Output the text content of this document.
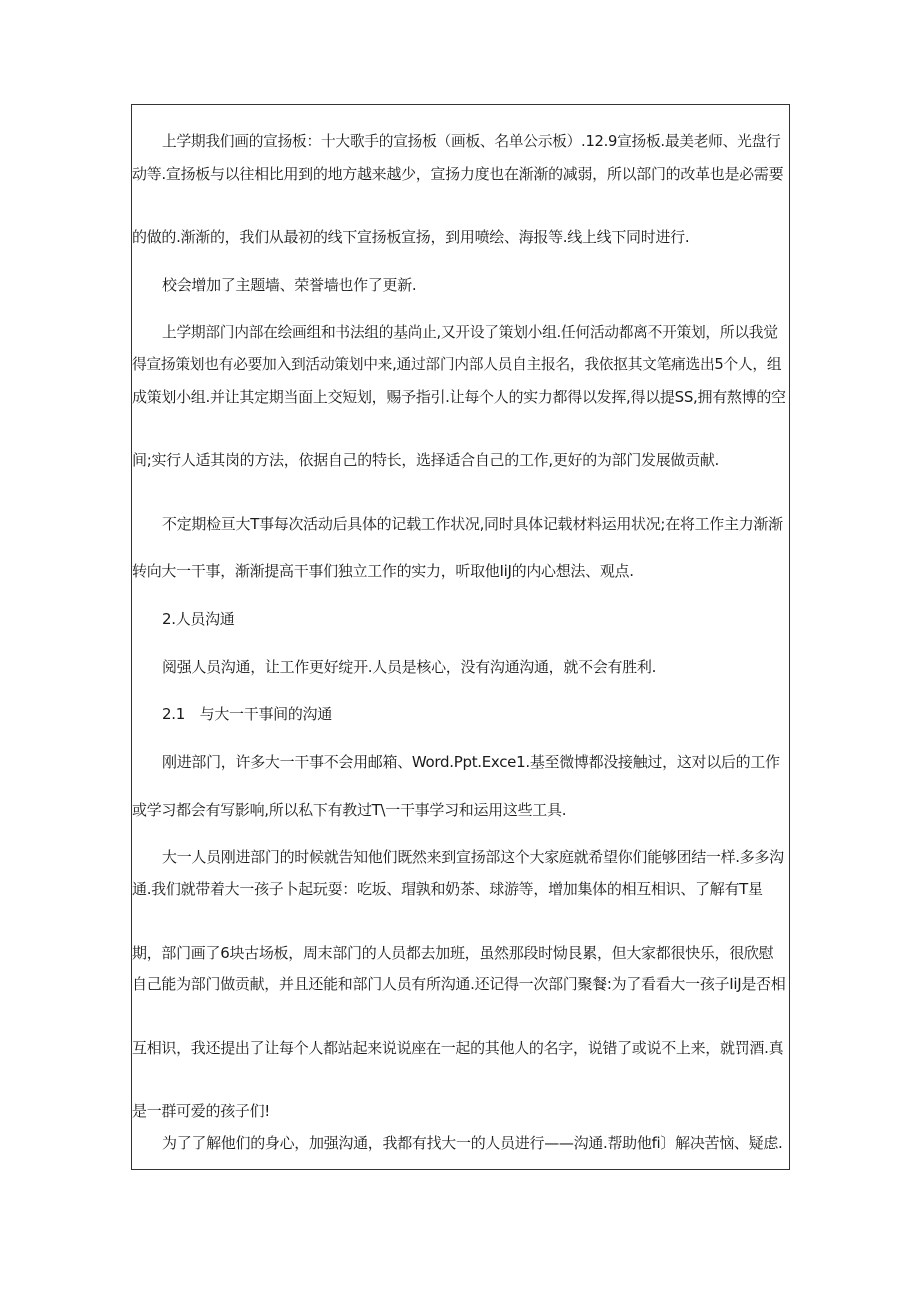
上学期我们画的宣扬板：十大歌手的宣扬板（画板、名单公示板）.12.9宣扬板.最美老师、光盘行
动等.宣扬板与以往相比用到的地方越来越少，宣扬力度也在渐渐的减弱，所以部门的改革也是必需要
的做的.渐渐的，我们从最初的线下宣扬板宣扬，到用喷绘、海报等.线上线下同时进行.
校会增加了主题墙、荣誉墙也作了更新.
上学期部门内部在绘画组和书法组的基尚止,又开设了策划小组.任何活动都离不开策划，所以我觉
得宣扬策划也有必要加入到活动策划中来,通过部门内部人员自主报名，我依抠其文笔痛选出5个人，组
成策划小组.并让其定期当面上交短划，赐予指引.让每个人的实力都得以发挥,得以提SS,拥有熬博的空
间;实行人适其岗的方法，依据自己的特长，选择适合自己的工作,更好的为部门发展做贡献.
不定期检亘大T事每次活动后具体的记载工作状况,同时具体记载材料运用状况;在将工作主力渐渐
转向大一干事，渐渐提高干事们独立工作的实力，听取他IiJ的内心想法、观点.
2.人员沟通
阅强人员沟通，让工作更好绽开.人员是核心，没有沟通沟通，就不会有胜利.
2.1　与大一干事间的沟通
刚进部门，许多大一干事不会用邮箱、Word.Ppt.Exce1.基至微博都没接触过，这对以后的工作
或学习都会有写影响,所以私下有教过T\一干事学习和运用这些工具.
大一人员刚进部门的时候就告知他们既然来到宣扬部这个大家庭就希望你们能够团结一样.多多沟
通.我们就带着大一孩子卜起玩耍：吃坂、瑁孰和奶茶、球游等，增加集体的相互相识、了解有T星
期，部门画了6块古场板，周末部门的人员都去加班，虽然那段时恸艮累，但大家都很快乐，很欣慰
自己能为部门做贡献，并且还能和部门人员有所沟通.还记得一次部门聚餐:为了看看大一孩子IiJ是否相
互相识，我还提出了让每个人都站起来说说座在一起的其他人的名字，说错了或说不上来，就罚酒.真
是一群可爱的孩子们!
为了了解他们的身心，加强沟通，我都有找大一的人员进行——沟通.帮助他fi〕解决苦恼、疑虑.
